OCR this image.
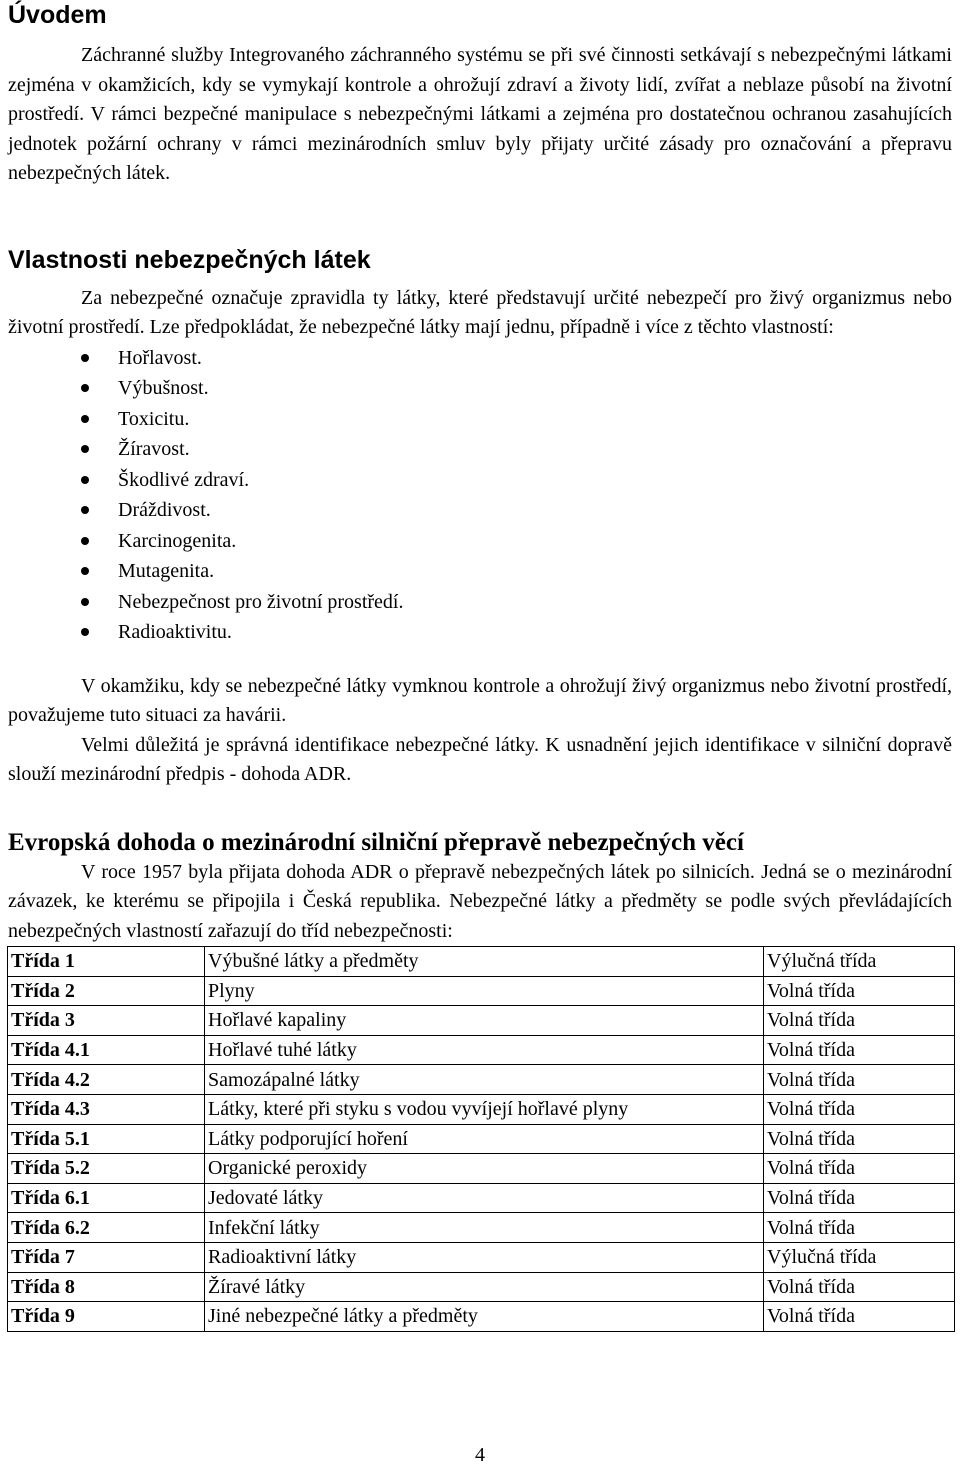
Úvodem

Záchranné služby Integrovaného záchranného systému se při své činnosti setkávají s nebezpečnými látkami zejména v okamžicích, kdy se vymykají kontrole a ohrožují zdraví a životy lidí, zvířat a neblaze působí na životní prostředí. V rámci bezpečné manipulace s nebezpečnými látkami a zejména pro dostatečnou ochranou zasahujících jednotek požární ochrany v rámci mezinárodních smluv byly přijaty určité zásady pro označování a přepravu nebezpečných látek.

Vlastnosti nebezpečných látek

Za nebezpečné označuje zpravidla ty látky, které představují určité nebezpečí pro živý organizmus nebo životní prostředí. Lze předpokládat, že nebezpečné látky mají jednu, případně i více z těchto vlastností:

Hořlavost.
Výbušnost.
Toxicitu.
Žíravost.
Škodlivé zdraví.
Dráždivost.
Karcinogenita.
Mutagenita.
Nebezpečnost pro životní prostředí.
Radioaktivitu.

V okamžiku, kdy se nebezpečné látky vymknou kontrole a ohrožují živý organizmus nebo životní prostředí, považujeme tuto situaci za havárii.

Velmi důležitá je správná identifikace nebezpečné látky. K usnadnění jejich identifikace v silniční dopravě slouží mezinárodní předpis - dohoda ADR.

Evropská dohoda o mezinárodní silniční přepravě nebezpečných věcí

V roce 1957 byla přijata dohoda ADR o přepravě nebezpečných látek po silnicích. Jedná se o mezinárodní závazek, ke kterému se připojila i Česká republika. Nebezpečné látky a předměty se podle svých převládajících nebezpečných vlastností zařazují do tříd nebezpečnosti:

Třída 1	Výbušné látky a předměty	Výlučná třída
Třída 2	Plyny	Volná třída
Třída 3	Hořlavé kapaliny	Volná třída
Třída 4.1	Hořlavé tuhé látky	Volná třída
Třída 4.2	Samozápalné látky	Volná třída
Třída 4.3	Látky, které při styku s vodou vyvíjejí hořlavé plyny	Volná třída
Třída 5.1	Látky podporující hoření	Volná třída
Třída 5.2	Organické peroxidy	Volná třída
Třída 6.1	Jedovaté látky	Volná třída
Třída 6.2	Infekční látky	Volná třída
Třída 7	Radioaktivní látky	Výlučná třída
Třída 8	Žíravé látky	Volná třída
Třída 9	Jiné nebezpečné látky a předměty	Volná třída
4
